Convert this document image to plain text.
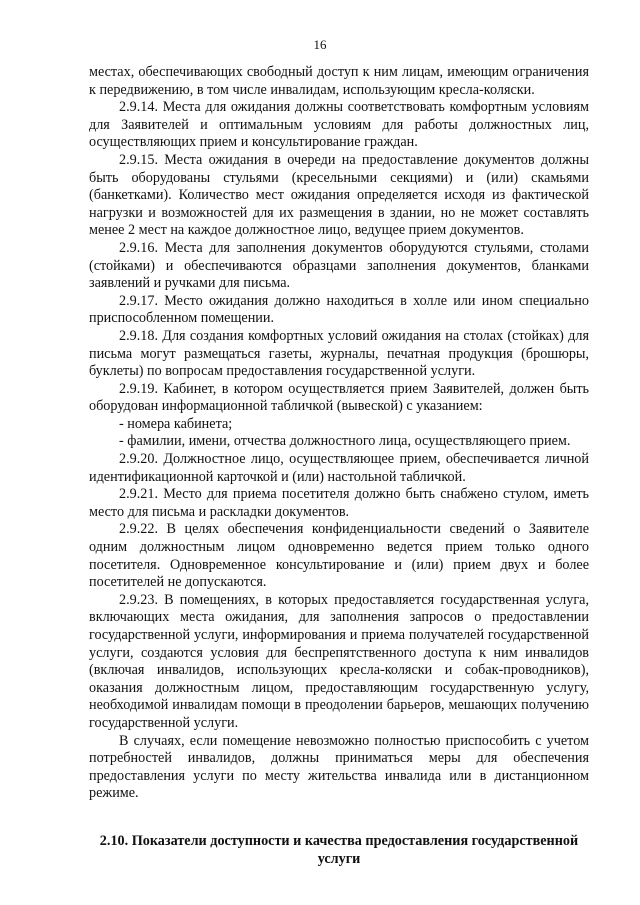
16

местах, обеспечивающих свободный доступ к ним лицам, имеющим ограничения к передвижению, в том числе инвалидам, использующим кресла-коляски.

2.9.14. Места для ожидания должны соответствовать комфортным условиям для Заявителей и оптимальным условиям для работы должностных лиц, осуществляющих прием и консультирование граждан.

2.9.15. Места ожидания в очереди на предоставление документов должны быть оборудованы стульями (кресельными секциями) и (или) скамьями (банкетками). Количество мест ожидания определяется исходя из фактической нагрузки и возможностей для их размещения в здании, но не может составлять менее 2 мест на каждое должностное лицо, ведущее прием документов.

2.9.16. Места для заполнения документов оборудуются стульями, столами (стойками) и обеспечиваются образцами заполнения документов, бланками заявлений и ручками для письма.

2.9.17. Место ожидания должно находиться в холле или ином специально приспособленном помещении.

2.9.18. Для создания комфортных условий ожидания на столах (стойках) для письма могут размещаться газеты, журналы, печатная продукция (брошюры, буклеты) по вопросам предоставления государственной услуги.

2.9.19. Кабинет, в котором осуществляется прием Заявителей, должен быть оборудован информационной табличкой (вывеской) с указанием:

- номера кабинета;

- фамилии, имени, отчества должностного лица, осуществляющего прием.

2.9.20. Должностное лицо, осуществляющее прием, обеспечивается личной идентификационной карточкой и (или) настольной табличкой.

2.9.21. Место для приема посетителя должно быть снабжено стулом, иметь место для письма и раскладки документов.

2.9.22. В целях обеспечения конфиденциальности сведений о Заявителе одним должностным лицом одновременно ведется прием только одного посетителя. Одновременное консультирование и (или) прием двух и более посетителей не допускаются.

2.9.23. В помещениях, в которых предоставляется государственная услуга, включающих места ожидания, для заполнения запросов о предоставлении государственной услуги, информирования и приема получателей государственной услуги, создаются условия для беспрепятственного доступа к ним инвалидов (включая инвалидов, использующих кресла-коляски и собак-проводников), оказания должностным лицом, предоставляющим государственную услугу, необходимой инвалидам помощи в преодолении барьеров, мешающих получению государственной услуги.

В случаях, если помещение невозможно полностью приспособить с учетом потребностей инвалидов, должны приниматься меры для обеспечения предоставления услуги по месту жительства инвалида или в дистанционном режиме.

2.10. Показатели доступности и качества предоставления государственной услуги
